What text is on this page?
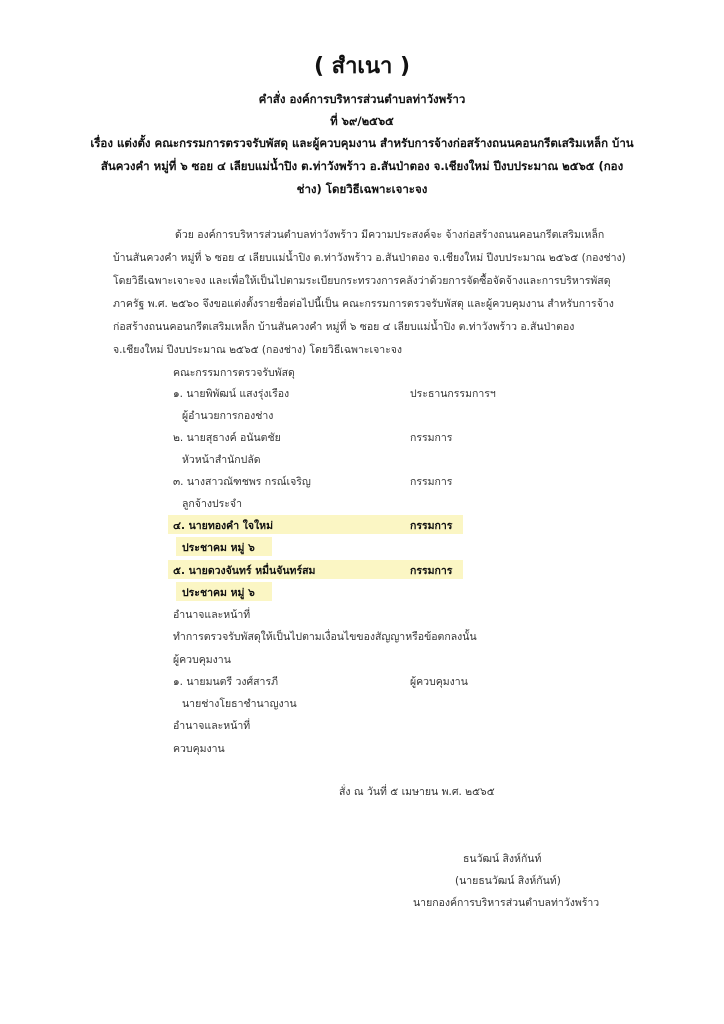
( สำเนา )
คำสั่ง องค์การบริหารส่วนตำบลท่าวังพร้าว
ที่ ๖๙/๒๕๖๕
เรื่อง แต่งตั้ง คณะกรรมการตรวจรับพัสดุ และผู้ควบคุมงาน สำหรับการจ้างก่อสร้างถนนคอนกรีตเสริมเหล็ก บ้าน
สันควงคำ หมู่ที่ ๖ ซอย ๔ เลียบแม่น้ำปิง ต.ท่าวังพร้าว อ.สันป่าตอง จ.เชียงใหม่ ปีงบประมาณ ๒๕๖๕ (กอง
ช่าง) โดยวิธีเฉพาะเจาะจง
ด้วย องค์การบริหารส่วนตำบลท่าวังพร้าว มีความประสงค์จะ จ้างก่อสร้างถนนคอนกรีตเสริมเหล็ก
บ้านสันควงคำ หมู่ที่ ๖ ซอย ๔ เลียบแม่น้ำปิง ต.ท่าวังพร้าว อ.สันป่าตอง จ.เชียงใหม่ ปีงบประมาณ ๒๕๖๕ (กองช่าง)
โดยวิธีเฉพาะเจาะจง และเพื่อให้เป็นไปตามระเบียบกระทรวงการคลังว่าด้วยการจัดซื้อจัดจ้างและการบริหารพัสดุ
ภาครัฐ พ.ศ. ๒๕๖๐ จึงขอแต่งตั้งรายชื่อต่อไปนี้เป็น คณะกรรมการตรวจรับพัสดุ และผู้ควบคุมงาน สำหรับการจ้าง
ก่อสร้างถนนคอนกรีตเสริมเหล็ก บ้านสันควงคำ หมู่ที่ ๖ ซอย ๔ เลียบแม่น้ำปิง ต.ท่าวังพร้าว อ.สันป่าตอง
จ.เชียงใหม่ ปีงบประมาณ ๒๕๖๕ (กองช่าง) โดยวิธีเฉพาะเจาะจง
คณะกรรมการตรวจรับพัสดุ
๑. นายพิพัฒน์ แสงรุ่งเรือง	ประธานกรรมการฯ
ผู้อำนวยการกองช่าง
๒. นายสุธางค์ อนันตชัย	กรรมการ
หัวหน้าสำนักปลัด
๓. นางสาวณัฑชพร กรณ์เจริญ	กรรมการ
ลูกจ้างประจำ
๔. นายทองคำ ใจใหม่	กรรมการ
ประชาคม หมู่ ๖
๕. นายดวงจันทร์ หมื่นจันทร์สม	กรรมการ
ประชาคม หมู่ ๖
อำนาจและหน้าที่
ทำการตรวจรับพัสดุให้เป็นไปตามเงื่อนไขของสัญญาหรือข้อตกลงนั้น
ผู้ควบคุมงาน
๑. นายมนตรี วงศ์สารภี	ผู้ควบคุมงาน
นายช่างโยธาชำนาญงาน
อำนาจและหน้าที่
ควบคุมงาน
สั่ง ณ วันที่ ๕ เมษายน พ.ศ. ๒๕๖๕
ธนวัฒน์ สิงห์กันท์
(นายธนวัฒน์ สิงห์กันท์)
นายกองค์การบริหารส่วนตำบลท่าวังพร้าว
